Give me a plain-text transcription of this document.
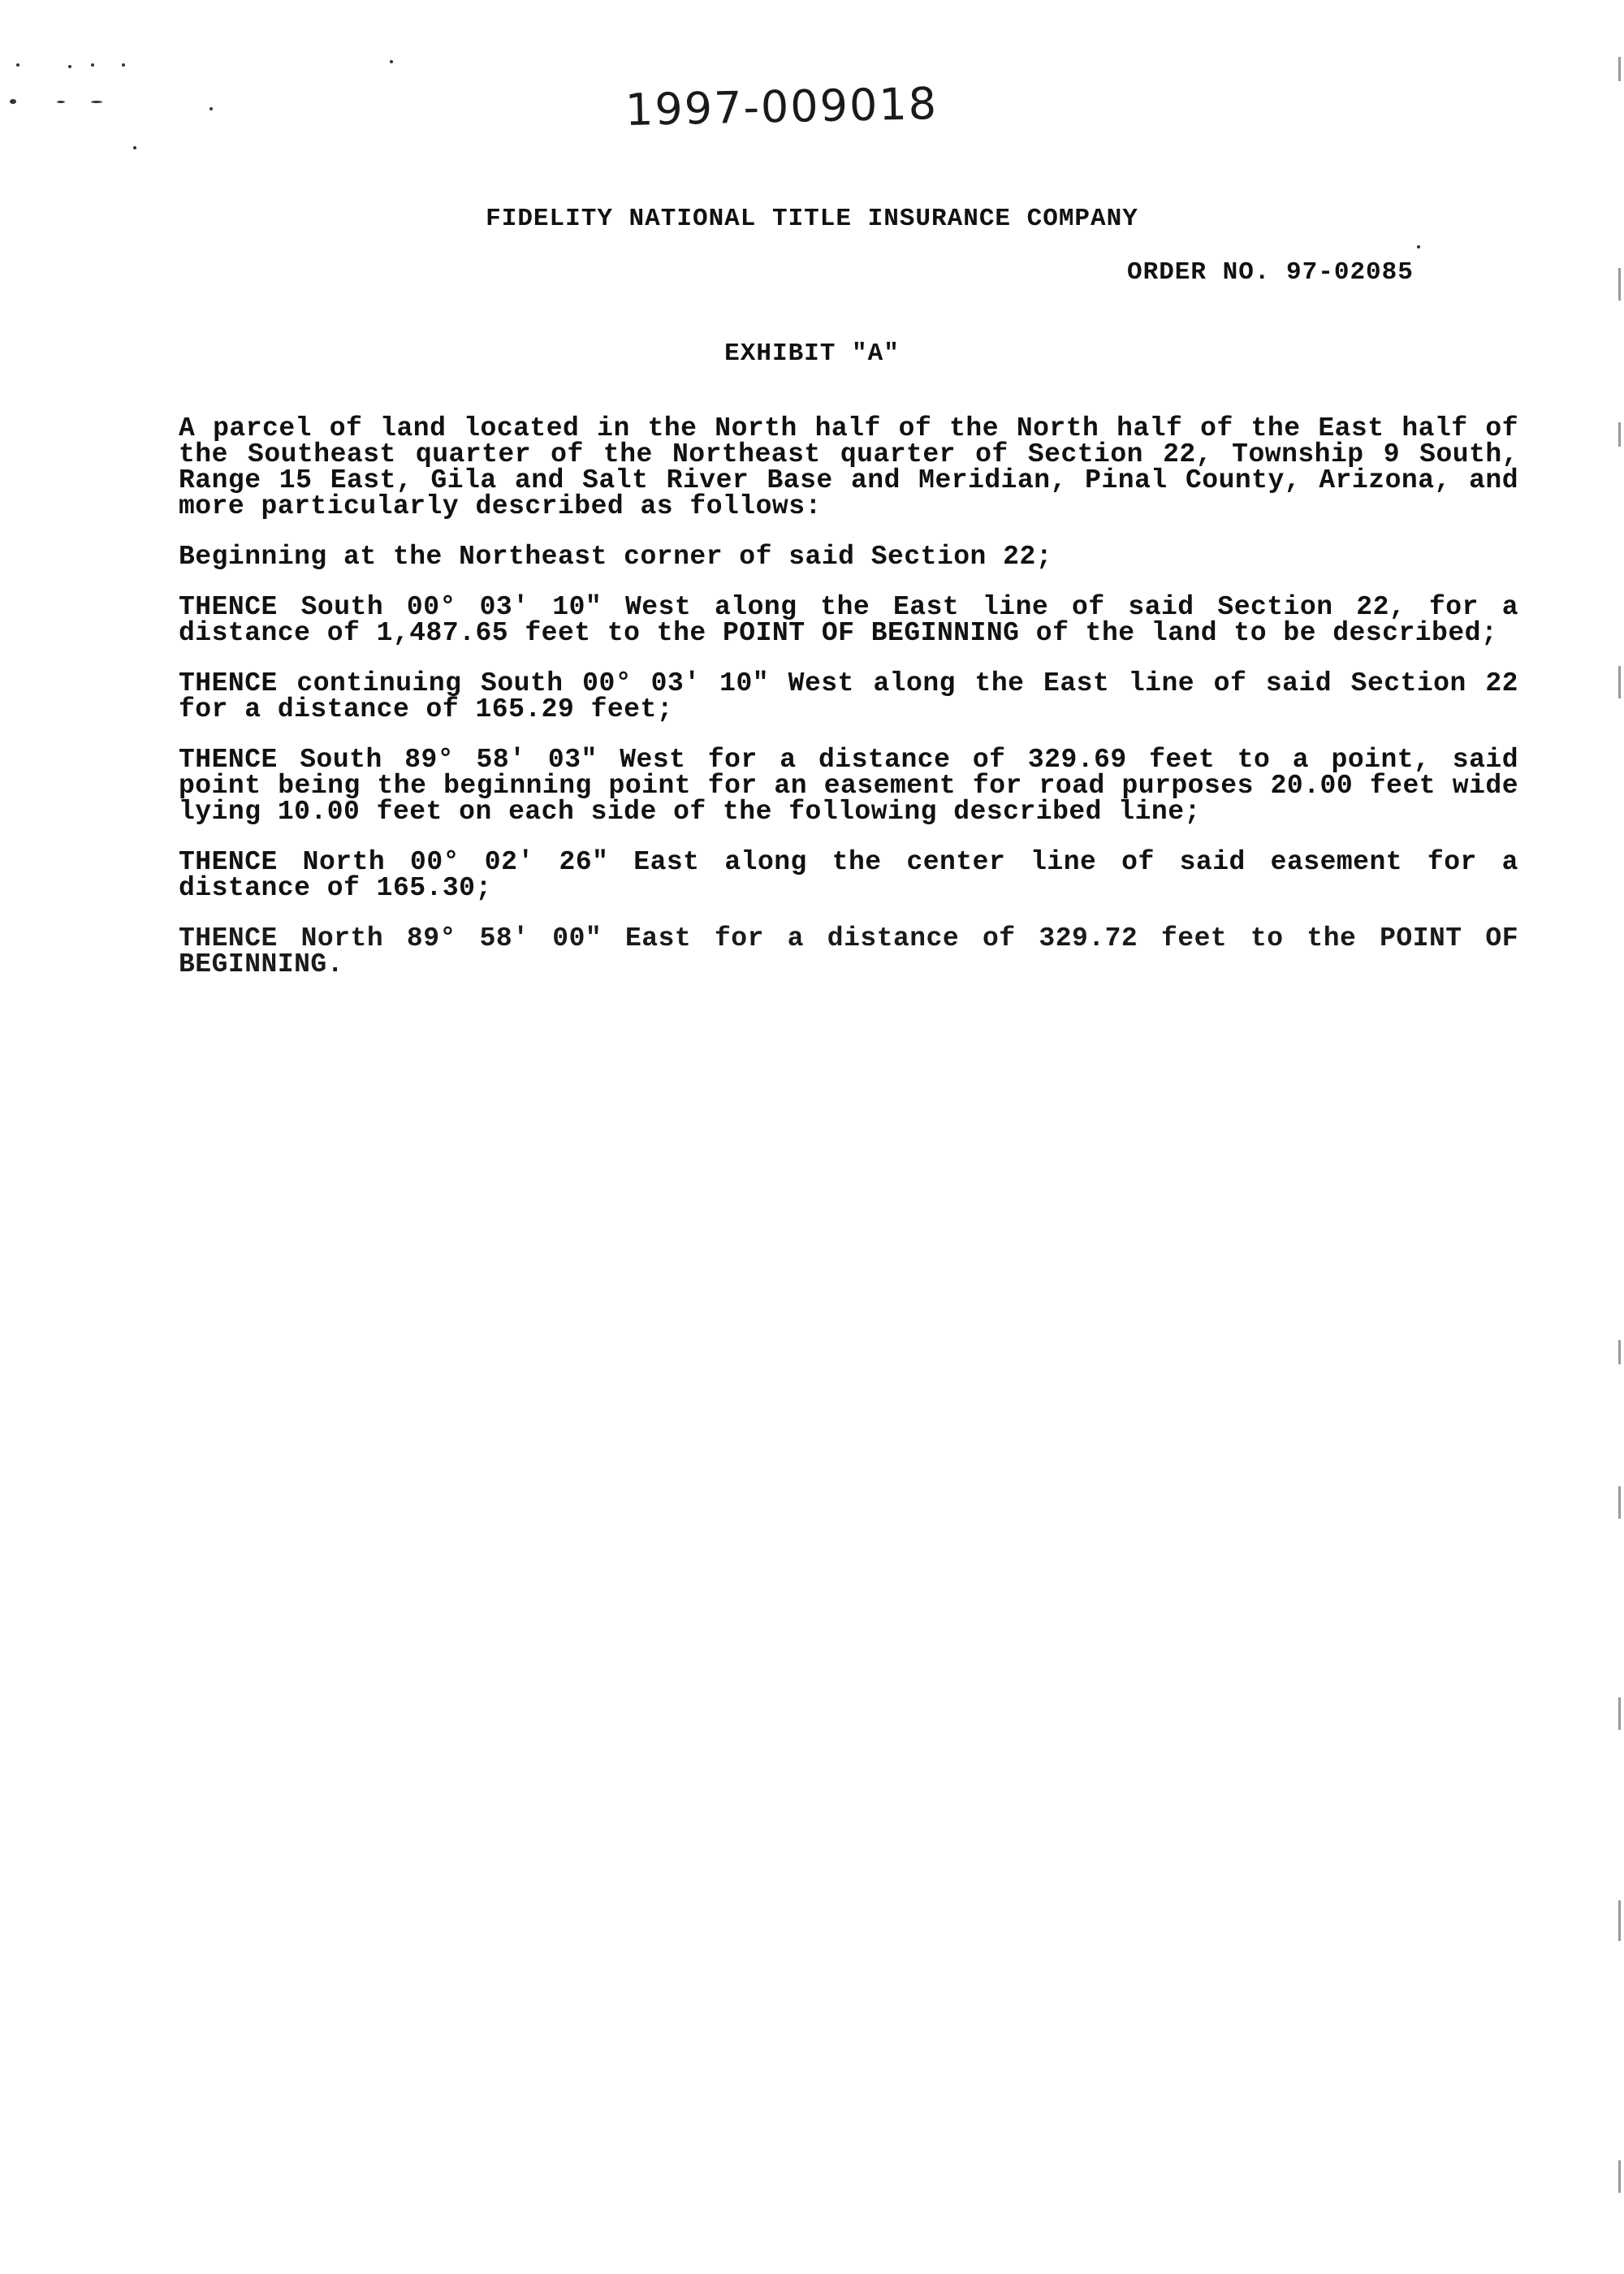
1997-009018
FIDELITY NATIONAL TITLE INSURANCE COMPANY
ORDER NO. 97-02085
EXHIBIT "A"

A parcel of land located in the North half of the North half of the East half of the Southeast quarter of the Northeast quarter of Section 22, Township 9 South, Range 15 East, Gila and Salt River Base and Meridian, Pinal County, Arizona, and more particularly described as follows:

Beginning at the Northeast corner of said Section 22;

THENCE South 00° 03' 10" West along the East line of said Section 22, for a distance of 1,487.65 feet to the POINT OF BEGINNING of the land to be described;

THENCE continuing South 00° 03' 10" West along the East line of said Section 22 for a distance of 165.29 feet;

THENCE South 89° 58' 03" West for a distance of 329.69 feet to a point, said point being the beginning point for an easement for road purposes 20.00 feet wide lying 10.00 feet on each side of the following described line;

THENCE North 00° 02' 26" East along the center line of said easement for a distance of 165.30;

THENCE North 89° 58' 00" East for a distance of 329.72 feet to the POINT OF BEGINNING.
